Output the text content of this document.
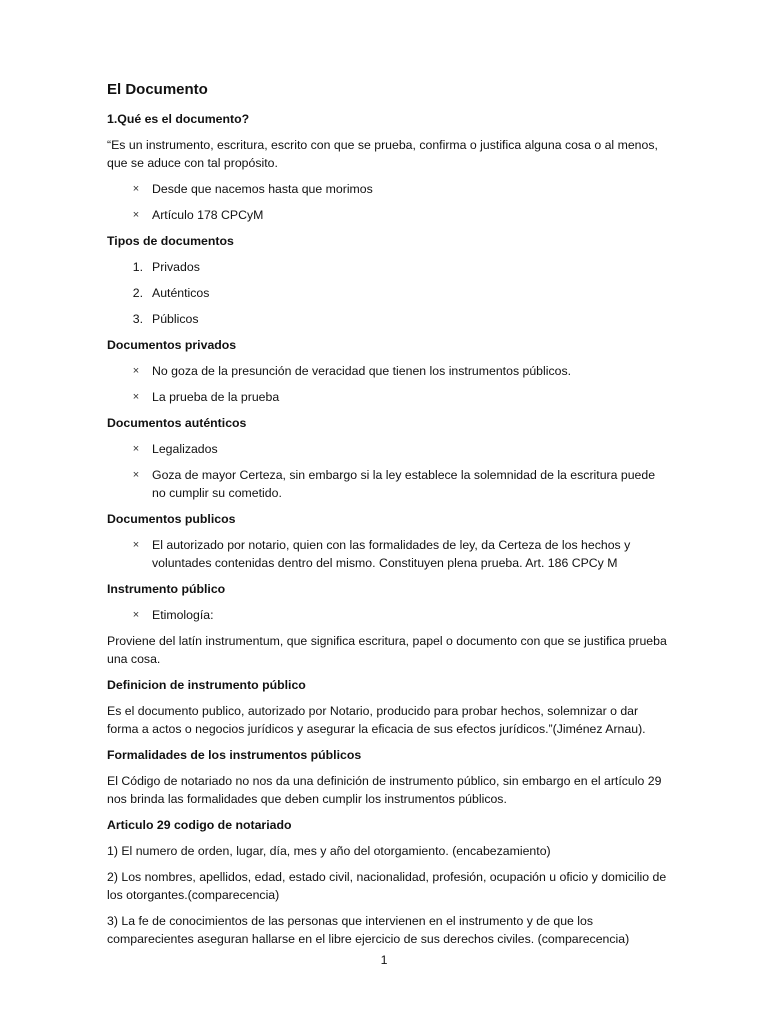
El Documento
1.Qué es el documento?
“Es un instrumento, escritura, escrito con que se prueba, confirma o justifica alguna cosa o al menos, que se aduce con tal propósito.
×	Desde que nacemos hasta que morimos
×	Artículo 178 CPCyM
Tipos de documentos
1. Privados
2. Auténticos
3. Públicos
Documentos privados
×	No goza de la presunción de veracidad que tienen los instrumentos públicos.
×	La prueba de la prueba
Documentos auténticos
×	Legalizados
×	Goza de mayor Certeza, sin embargo si la ley establece la solemnidad de la escritura puede no cumplir su cometido.
Documentos publicos
×	El autorizado por notario, quien con las formalidades de ley, da Certeza de los hechos y voluntades contenidas dentro del mismo. Constituyen plena prueba. Art. 186 CPCy M
Instrumento público
×	Etimología:
Proviene del latín instrumentum, que significa escritura, papel o documento con que se justifica prueba una cosa.
Definicion de instrumento público
Es el documento publico, autorizado por Notario, producido para probar hechos, solemnizar o dar forma a actos o negocios jurídicos y asegurar la eficacia de sus efectos jurídicos.”(Jiménez Arnau).
Formalidades de los instrumentos públicos
El Código de notariado no nos da una definición de instrumento público, sin embargo en el artículo 29 nos brinda las formalidades que deben cumplir los instrumentos públicos.
Articulo 29 codigo de notariado
1) El numero de orden, lugar, día, mes y año del otorgamiento. (encabezamiento)
2) Los nombres, apellidos, edad, estado civil, nacionalidad, profesión, ocupación u oficio y domicilio de los otorgantes.(comparecencia)
3) La fe de conocimientos de las personas que intervienen en el instrumento y de que los comparecientes aseguran hallarse en el libre ejercicio de sus derechos civiles. (comparecencia)
1
